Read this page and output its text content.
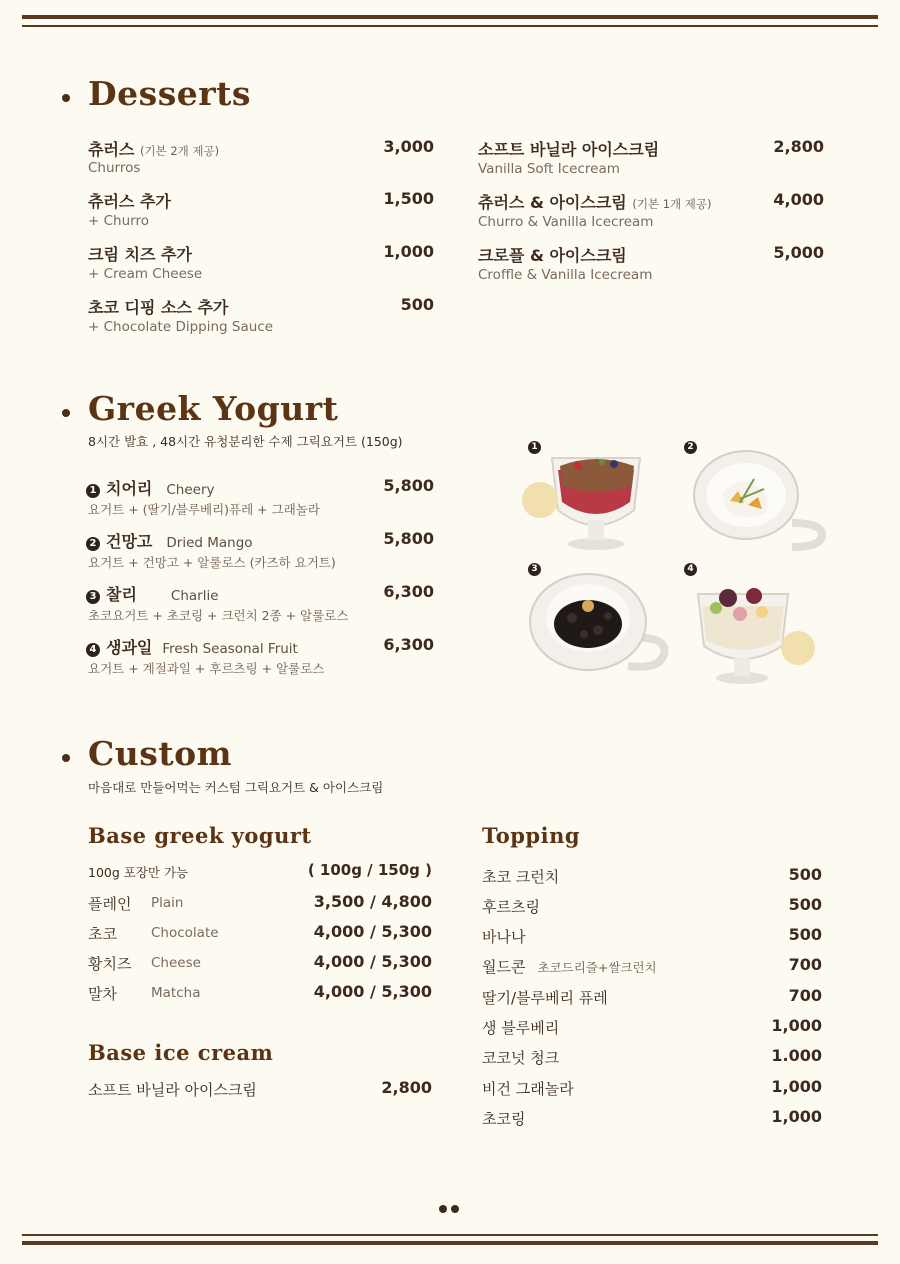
Desserts
츄러스 (기본 2개 제공)
Churros
3,000
츄러스 추가
+ Churro
1,500
크림 치즈 추가
+ Cream Cheese
1,000
초코 디핑 소스 추가
+ Chocolate Dipping Sauce
500
소프트 바닐라 아이스크림
Vanilla Soft Icecream
2,800
츄러스 & 아이스크림 (기본 1개 제공)
Churro & Vanilla Icecream
4,000
크로플 & 아이스크림
Croffle & Vanilla Icecream
5,000
Greek Yogurt
8시간 발효 , 48시간 유청분리한 수제 그릭요거트 (150g)
1 치어리 Cheery
요거트 + (딸기/블루베리)퓨레 + 그래놀라
5,800
2 건망고 Dried Mango
요거트 + 건망고 + 알룰로스 (카즈하 요거트)
5,800
3 찰리	Charlie
초코요거트 + 초코링 + 크런치 2종 + 알룰로스
6,300
4 생과일 Fresh Seasonal Fruit
요거트 + 계절과일 + 후르츠링 + 알룰로스
6,300
1	2
3	4
Custom
마음대로 만들어먹는 커스텀 그릭요거트 & 아이스크림
Base greek yogurt
100g 포장만 가능	( 100g / 150g )
플레인 Plain	3,500 / 4,800
초코	Chocolate	4,000 / 5,300
황치즈 Cheese	4,000 / 5,300
말차	Matcha	4,000 / 5,300
Base ice cream
소프트 바닐라 아이스크림	2,800
Topping
초코 크런치	500
후르츠링	500
바나나	500
월드콘 초코드리즐+쌀크런치	700
딸기/블루베리 퓨레	700
생 블루베리	1,000
코코넛 청크	1.000
비건 그래놀라	1,000
초코링	1,000
